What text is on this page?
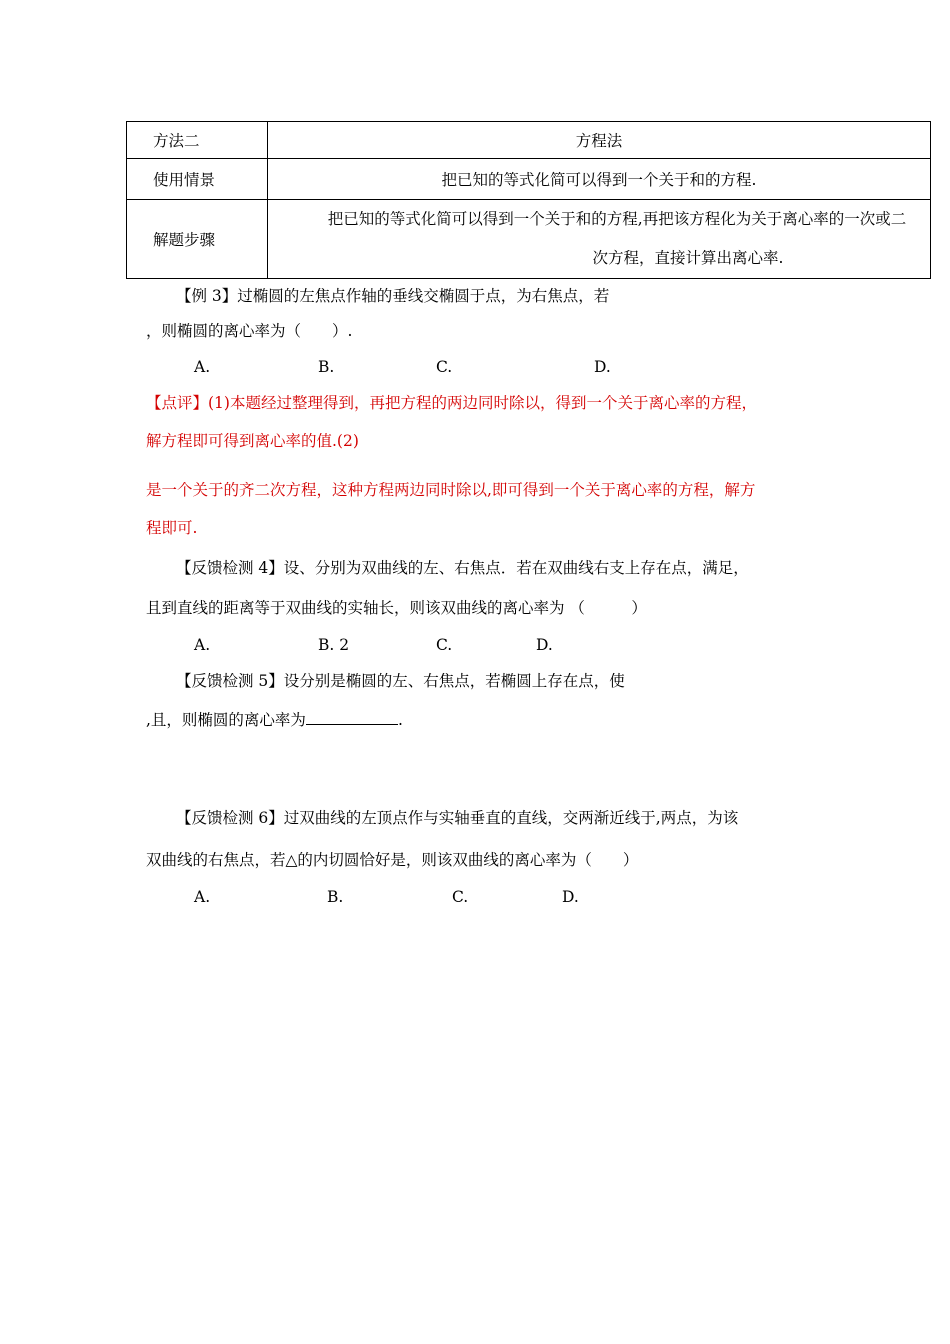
方法二	方程法
使用情景	把已知的等式化简可以得到一个关于和的方程.
解题步骤	把已知的等式化简可以得到一个关于和的方程,再把该方程化为关于离心率的一次或二
次方程，直接计算出离心率.
【例 3】过椭圆的左焦点作轴的垂线交椭圆于点，为右焦点，若
，则椭圆的离心率为（　　）.
A.	B.	C.	D.
【点评】(1)本题经过整理得到，再把方程的两边同时除以，得到一个关于离心率的方程，
解方程即可得到离心率的值.(2)
是一个关于的齐二次方程，这种方程两边同时除以,即可得到一个关于离心率的方程，解方
程即可.
【反馈检测 4】设、分别为双曲线的左、右焦点．若在双曲线右支上存在点，满足，
且到直线的距离等于双曲线的实轴长，则该双曲线的离心率为 （　　　）
A.	B. 2	C.	D.
【反馈检测 5】设分别是椭圆的左、右焦点，若椭圆上存在点，使
,且，则椭圆的离心率为	.
【反馈检测 6】过双曲线的左顶点作与实轴垂直的直线，交两渐近线于,两点，为该
双曲线的右焦点，若△的内切圆恰好是，则该双曲线的离心率为（　　）
A.	B.	C.	D.
